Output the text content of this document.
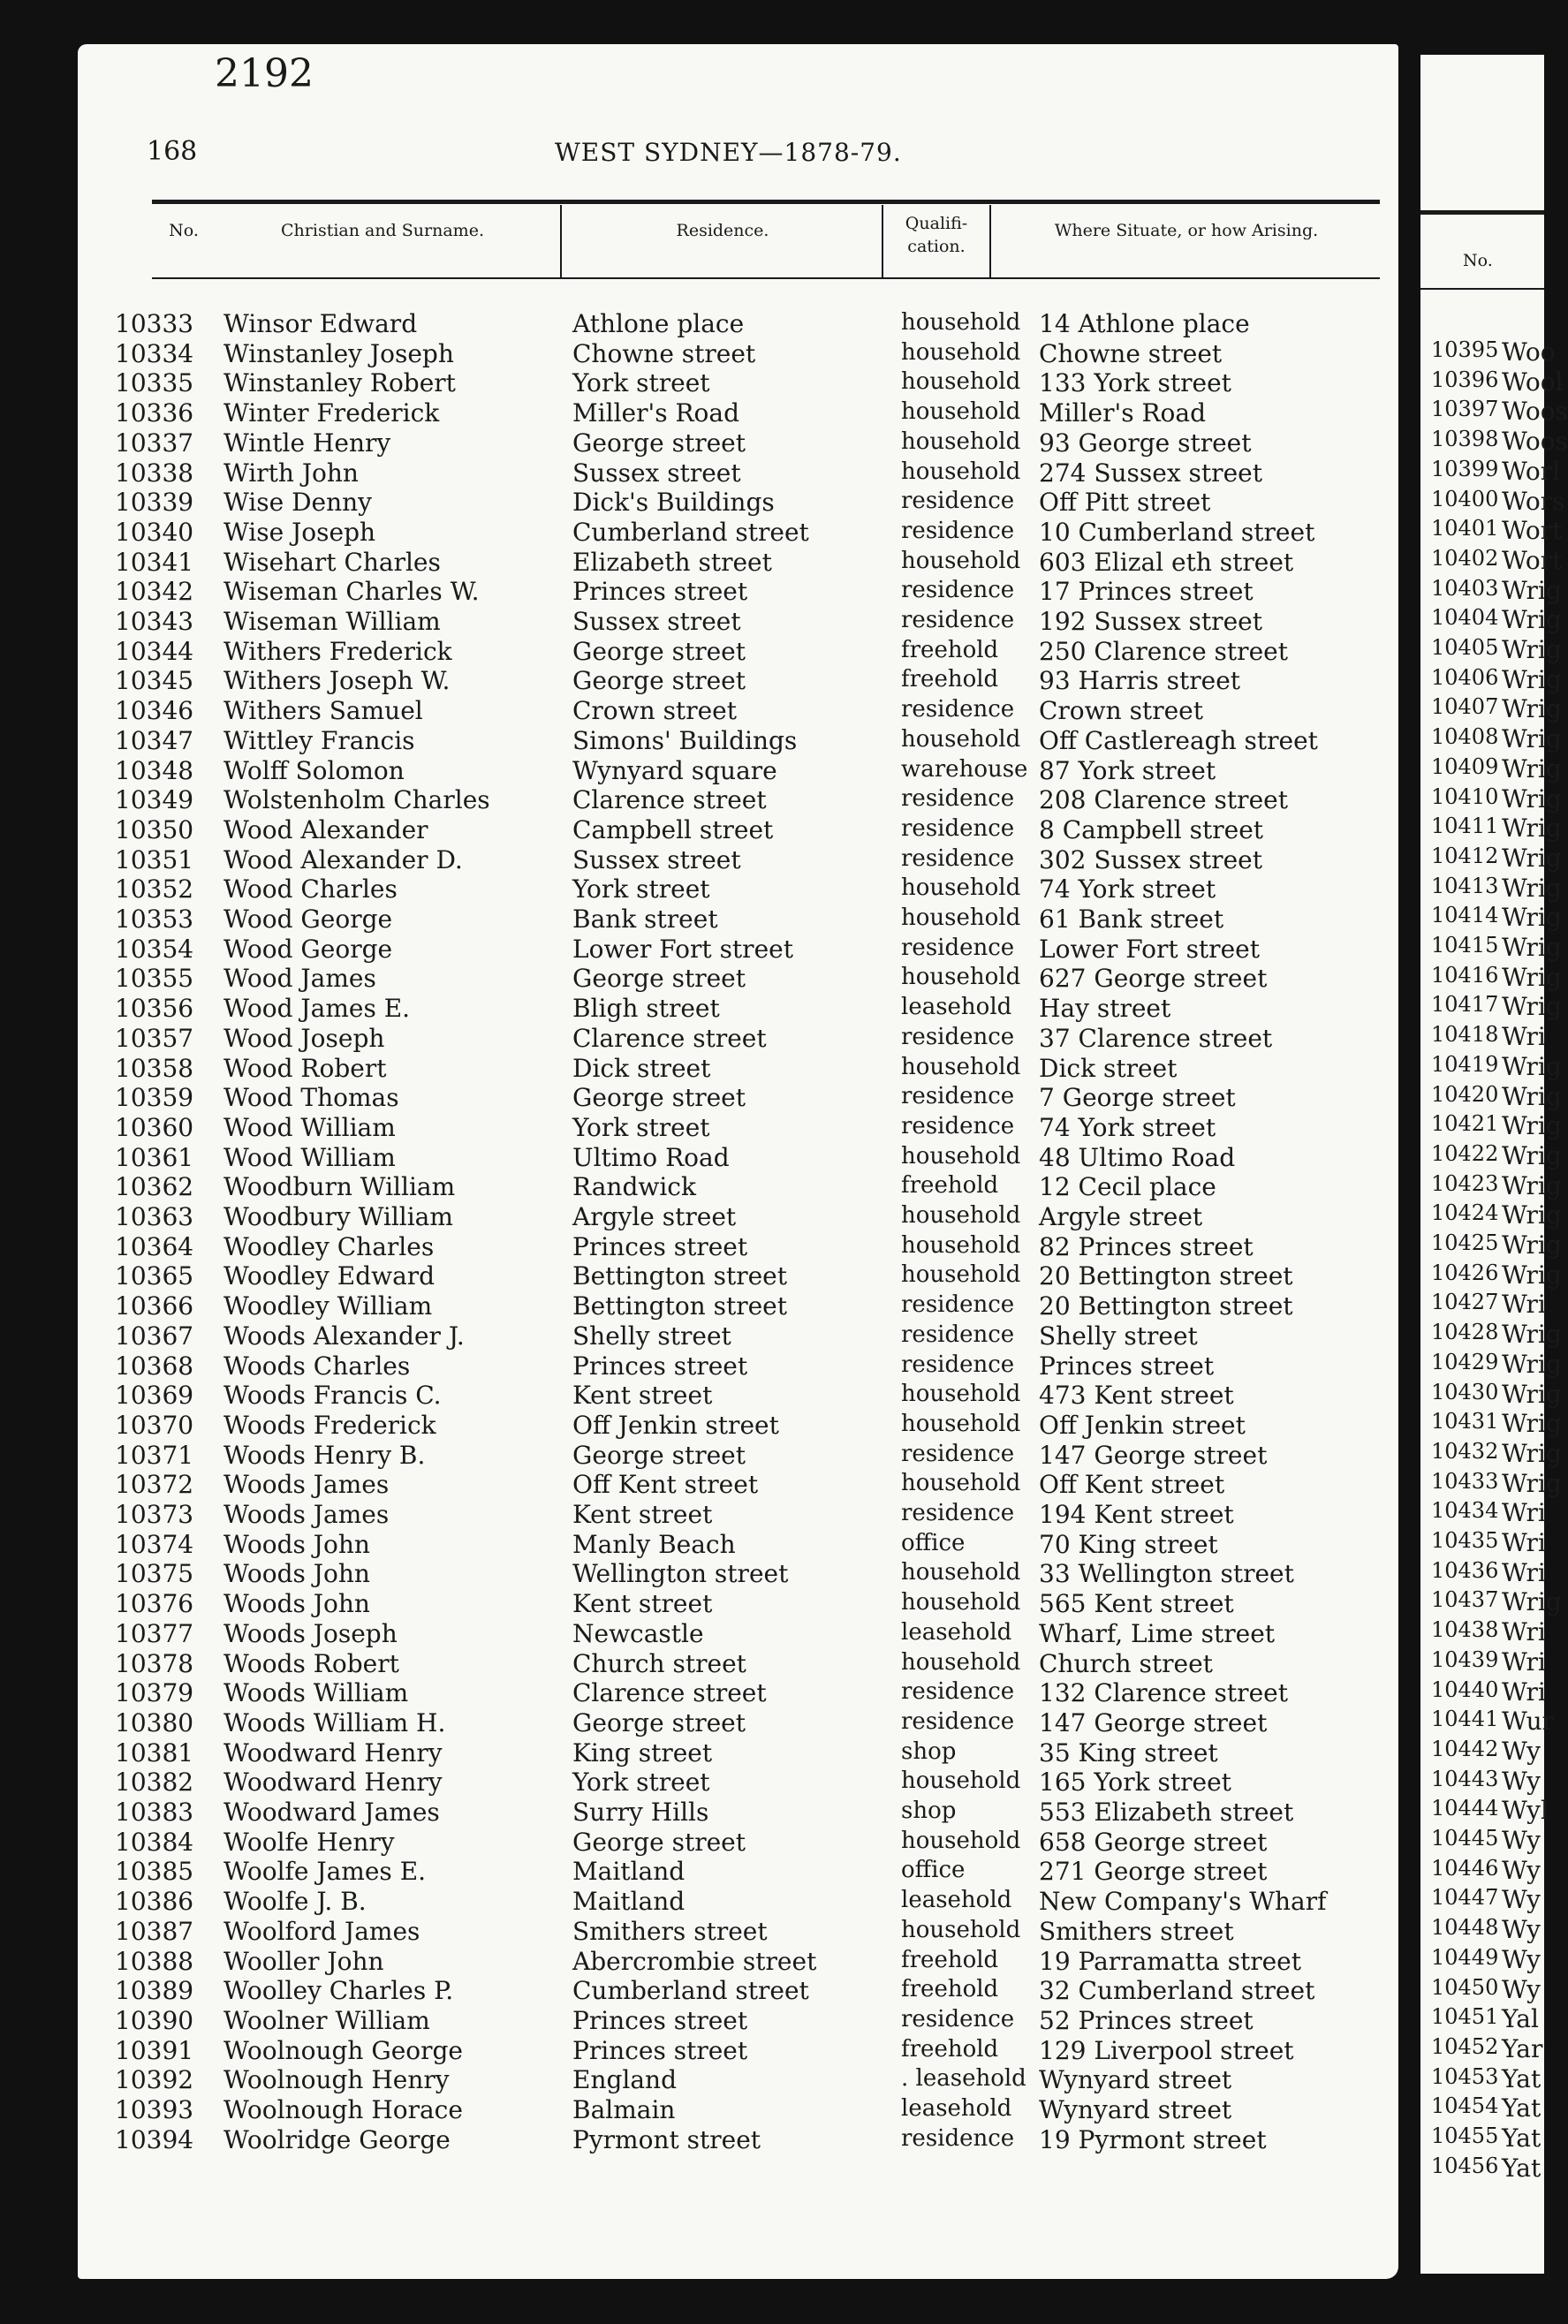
2192
168	WEST SYDNEY—1878-79.
No.	Christian and Surname.	Residence.	Qualifi-cation.
Where Situate, or how Arising.
10333 Winsor Edward	Athlone place	household 14 Athlone place
10334 Winstanley Joseph	Chowne street	household Chowne street
10335 Winstanley Robert	York street	household 133 York street
10336 Winter Frederick	Miller's Road	household Miller's Road
10337 Wintle Henry	George street	household 93 George street
10338 Wirth John	Sussex street	household 274 Sussex street
10339 Wise Denny	Dick's Buildings	residence Off Pitt street
10340 Wise Joseph	Cumberland street	residence 10 Cumberland street
10341 Wisehart Charles	Elizabeth street	household 603 Elizal eth street
10342 Wiseman Charles W.	Princes street	residence 17 Princes street
10343 Wiseman William	Sussex street	residence 192 Sussex street
10344 Withers Frederick	George street	freehold 250 Clarence street
10345 Withers Joseph W.	George street	freehold 93 Harris street
10346 Withers Samuel	Crown street	residence Crown street
10347 Wittley Francis	Simons' Buildings	household Off Castlereagh street
10348 Wolff Solomon	Wynyard square	warehouse 87 York street
10349 Wolstenholm Charles	Clarence street	residence 208 Clarence street
10350 Wood Alexander	Campbell street	residence 8 Campbell street
10351 Wood Alexander D.	Sussex street	residence 302 Sussex street
10352 Wood Charles	York street	household 74 York street
10353 Wood George	Bank street	household 61 Bank street
10354 Wood George	Lower Fort street	residence Lower Fort street
10355 Wood James	George street	household 627 George street
10356 Wood James E.	Bligh street	leasehold Hay street
10357 Wood Joseph	Clarence street	residence 37 Clarence street
10358 Wood Robert	Dick street	household Dick street
10359 Wood Thomas	George street	residence 7 George street
10360 Wood William	York street	residence 74 York street
10361 Wood William	Ultimo Road	household 48 Ultimo Road
10362 Woodburn William	Randwick	freehold 12 Cecil place
10363 Woodbury William	Argyle street	household Argyle street
10364 Woodley Charles	Princes street	household 82 Princes street
10365 Woodley Edward	Bettington street	household 20 Bettington street
10366 Woodley William	Bettington street	residence 20 Bettington street
10367 Woods Alexander J.	Shelly street	residence Shelly street
10368 Woods Charles	Princes street	residence Princes street
10369 Woods Francis C.	Kent street	household 473 Kent street
10370 Woods Frederick	Off Jenkin street	household Off Jenkin street
10371 Woods Henry B.	George street	residence 147 George street
10372 Woods James	Off Kent street	household Off Kent street
10373 Woods James	Kent street	residence 194 Kent street
10374 Woods John	Manly Beach	office	70 King street
10375 Woods John	Wellington street	household 33 Wellington street
10376 Woods John	Kent street	household 565 Kent street
10377 Woods Joseph	Newcastle	leasehold Wharf, Lime street
10378 Woods Robert	Church street	household Church street
10379 Woods William	Clarence street	residence 132 Clarence street
10380 Woods William H.	George street	residence 147 George street
10381 Woodward Henry	King street	shop	35 King street
10382 Woodward Henry	York street	household 165 York street
10383 Woodward James	Surry Hills	shop	553 Elizabeth street
10384 Woolfe Henry	George street	household 658 George street
10385 Woolfe James E.	Maitland	office	271 George street
10386 Woolfe J. B.	Maitland	leasehold New Company's Wharf
10387 Woolford James	Smithers street	household Smithers street
10388 Wooller John	Abercrombie street	freehold 19 Parramatta street
10389 Woolley Charles P.	Cumberland street	freehold 32 Cumberland street
10390 Woolner William	Princes street	residence 52 Princes street
10391 Woolnough George	Princes street	freehold 129 Liverpool street
10392 Woolnough Henry	England	. leasehold Wynyard street
10393 Woolnough Horace	Balmain	leasehold Wynyard street
10394 Woolridge George	Pyrmont street	residence 19 Pyrmont street
No.
10395 Woo
10396 Wool
10397 Woos
10398 Woos
10399 Worl
10400 Wors
10401 Wort
10402 Wort
10403 Wrig
10404 Wrig
10405 Wrig
10406 Wrig
10407 Wrig
10408 Wrig
10409 Wrig
10410 Wrig
10411 Wrig
10412 Wrig
10413 Wrig
10414 Wrig
10415 Wrig
10416 Wrig
10417 Wrig
10418 Wri
10419 Wrig
10420 Wrig
10421 Wrig
10422 Wrig
10423 Wrig
10424 Wrig
10425 Wrig
10426 Wrig
10427 Wri
10428 Wrig
10429 Wrig
10430 Wrig
10431 Wrig
10432 Wrig
10433 Wrig
10434 Wri
10435 Wri
10436 Wri
10437 Wrig
10438 Wri
10439 Wri
10440 Wri
10441 Wur
10442 Wy
10443 Wy
10444 Wyl
10445 Wy
10446 Wy
10447 Wy
10448 Wy
10449 Wy
10450 Wy
10451 Yal
10452 Yar
10453 Yat
10454 Yat
10455 Yat
10456 Yat
